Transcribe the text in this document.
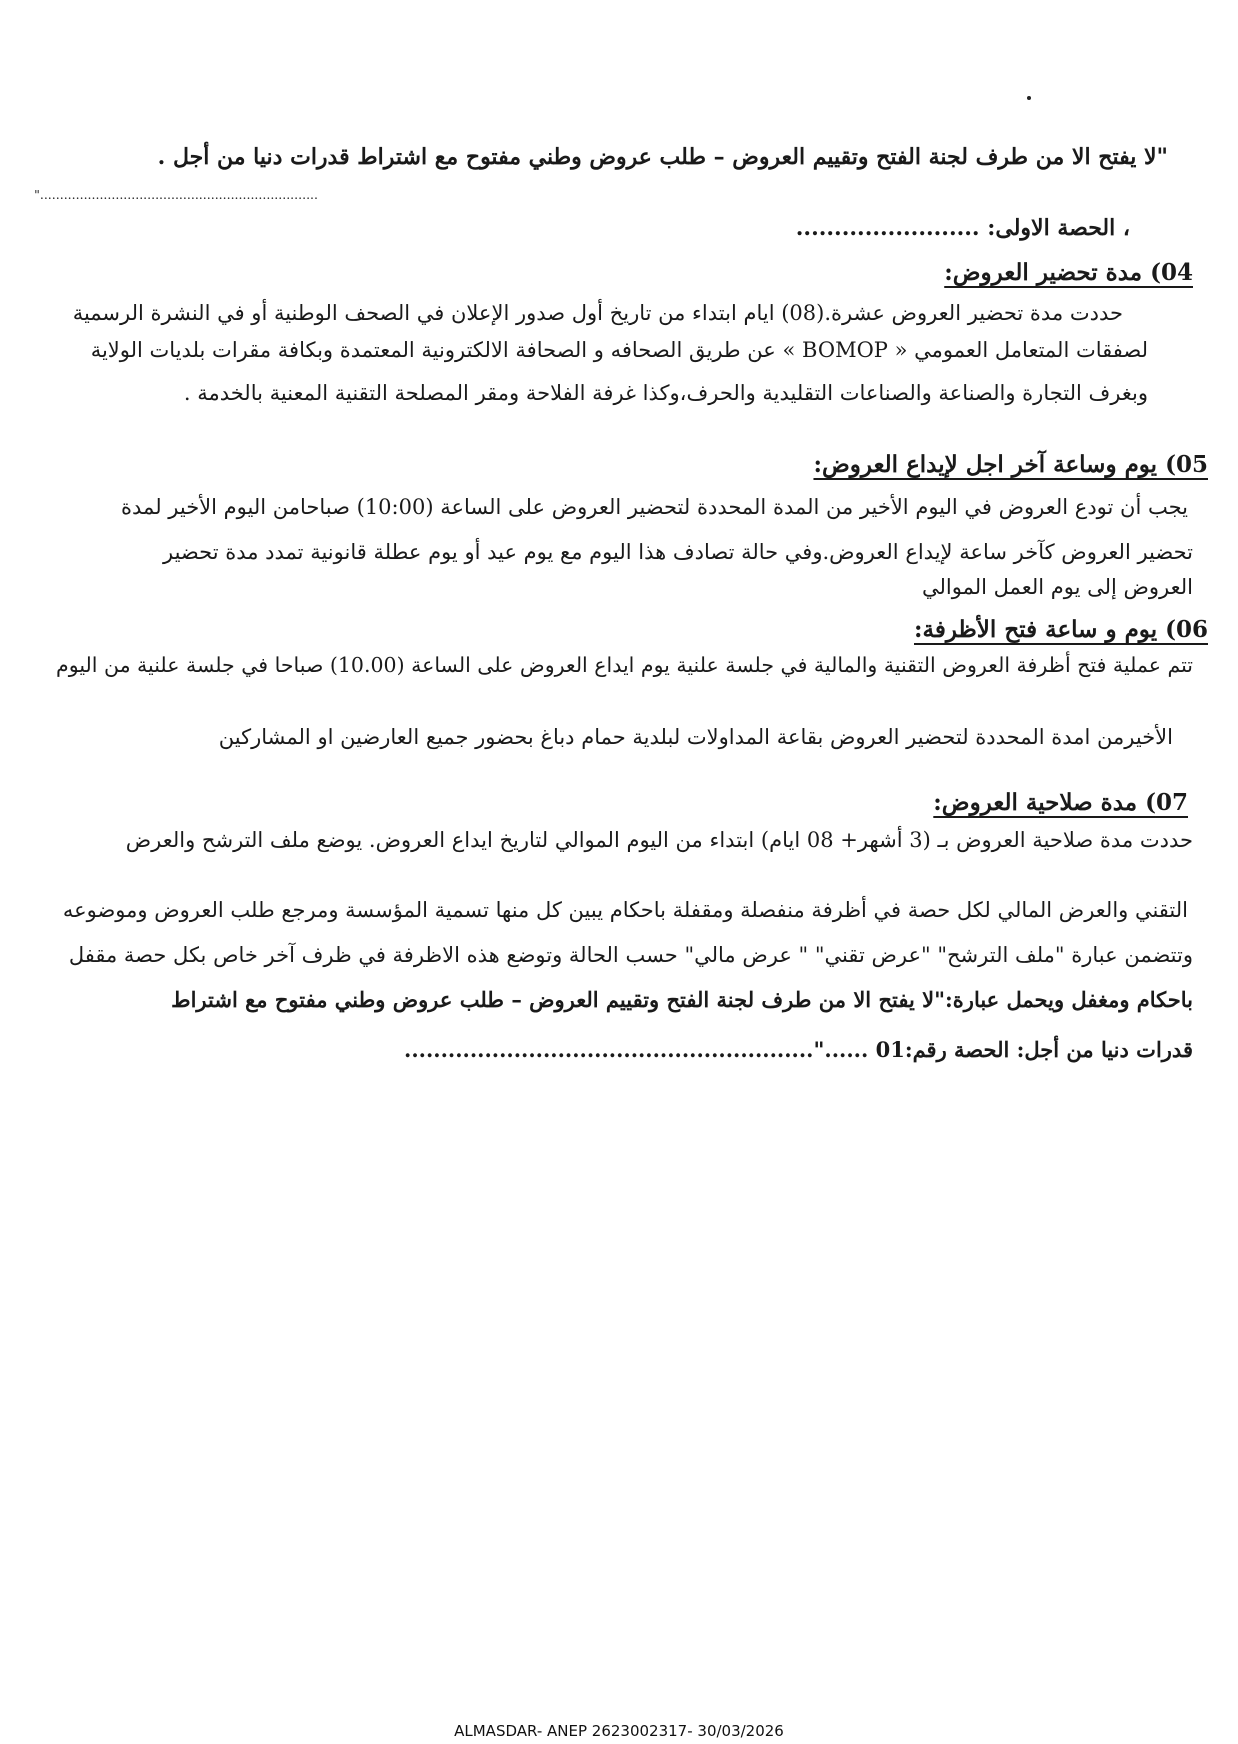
"لا يفتح الا من طرف لجنة الفتح وتقييم العروض – طلب عروض وطني مفتوح مع اشتراط قدرات دنيا من أجل .
......................................................................"
، الحصة الاولى: ........................
04) مدة تحضير العروض:
حددت مدة تحضير العروض عشرة.(08) ايام ابتداء من تاريخ أول صدور الإعلان في الصحف الوطنية أو في النشرة الرسمية
لصفقات المتعامل العمومي « BOMOP » عن طريق الصحافه و الصحافة الالكترونية المعتمدة وبكافة مقرات بلديات الولاية
وبغرف التجارة والصناعة والصناعات التقليدية والحرف،وكذا غرفة الفلاحة ومقر المصلحة التقنية المعنية بالخدمة .
05) يوم وساعة آخر اجل لإيداع العروض:
يجب أن تودع العروض في اليوم الأخير من المدة المحددة لتحضير العروض على الساعة (10:00) صباحامن اليوم الأخير لمدة
تحضير العروض كآخر ساعة لإيداع العروض.وفي حالة تصادف هذا اليوم مع يوم عيد أو يوم عطلة قانونية تمدد مدة تحضير
العروض إلى يوم العمل الموالي
06) يوم و ساعة فتح الأظرفة:
تتم عملية فتح أظرفة العروض التقنية والمالية في جلسة علنية يوم ايداع العروض على الساعة (10.00) صباحا في جلسة علنية من اليوم
الأخيرمن امدة المحددة لتحضير العروض بقاعة المداولات لبلدية حمام دباغ بحضور جميع العارضين او المشاركين
07) مدة صلاحية العروض:
حددت مدة صلاحية العروض بـ (3 أشهر+ 08 ايام) ابتداء من اليوم الموالي لتاريخ ايداع العروض. يوضع ملف الترشح والعرض
التقني والعرض المالي لكل حصة في أظرفة منفصلة ومقفلة باحكام يبين كل منها تسمية المؤسسة ومرجع طلب العروض وموضوعه
وتتضمن عبارة "ملف الترشح" "عرض تقني" " عرض مالي" حسب الحالة وتوضع هذه الاظرفة في ظرف آخر خاص بكل حصة مقفل
باحكام ومغفل ويحمل عبارة:"لا يفتح الا من طرف لجنة الفتح وتقييم العروض – طلب عروض وطني مفتوح مع اشتراط
قدرات دنيا من أجل: الحصة رقم:01 ......"........................................................
ALMASDAR- ANEP 2623002317- 30/03/2026
